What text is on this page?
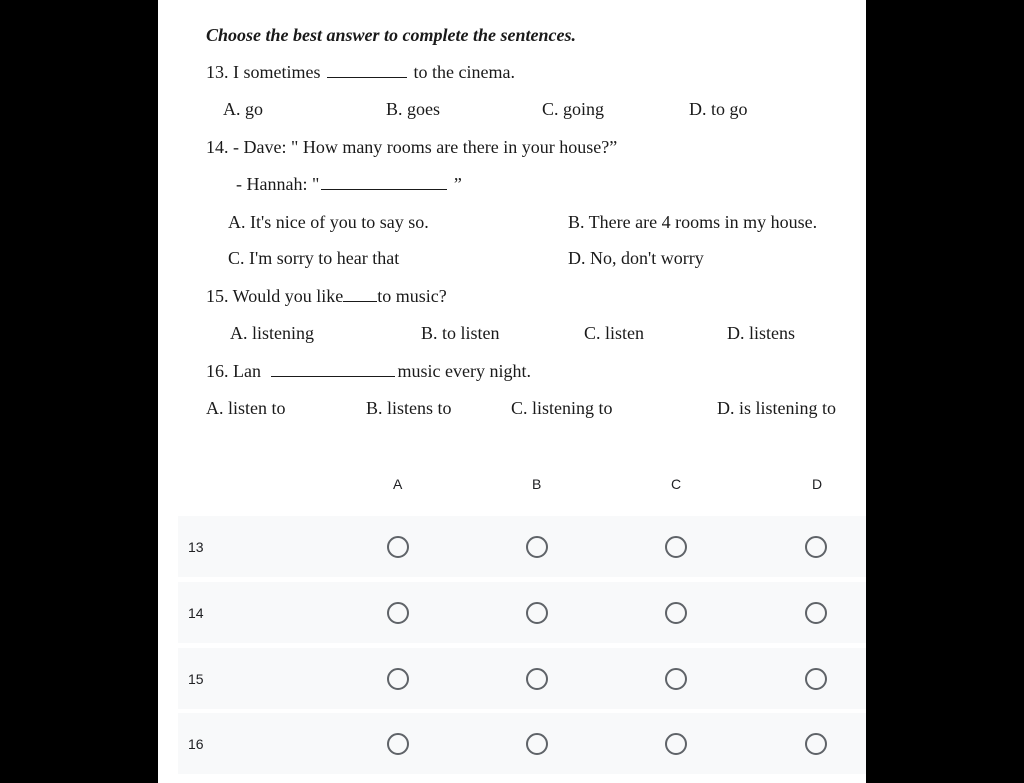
Choose the best answer to complete the sentences.
13. I sometimes	to the cinema.
A. go	B. goes	C. going	D. to go
14. - Dave: " How many rooms are there in your house?”
- Hannah: "	”
A. It's nice of you to say so.	B. There are 4 rooms in my house.
C. I'm sorry to hear that	D. No, don't worry
15. Would you like to music?
A. listening	B. to listen	C. listen	D. listens
16. Lan	music every night.
A. listen to	B. listens to	C. listening to	D. is listening to
A	B	C	D
13
14
15
16
